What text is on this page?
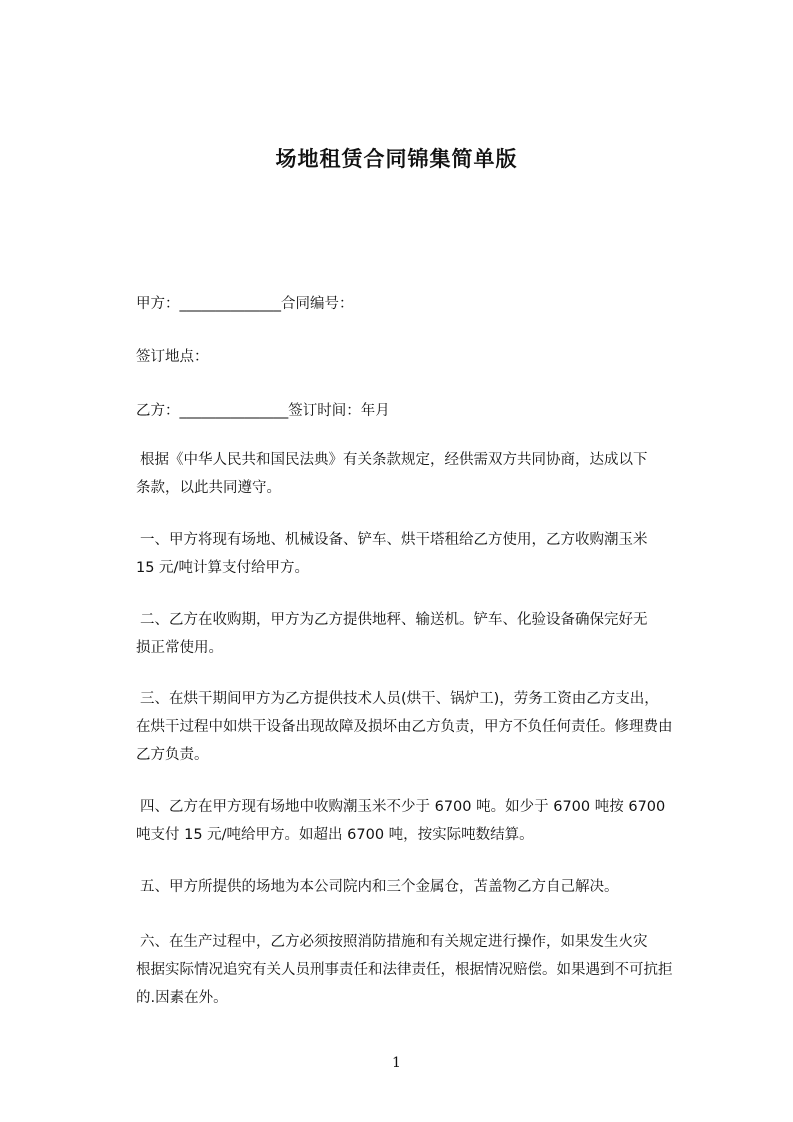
场地租赁合同锦集简单版
甲方：______________合同编号：
签订地点：
乙方：_______________签订时间：年月

根据《中华人民共和国民法典》有关条款规定，经供需双方共同协商，达成以下

条款，以此共同遵守。

一、甲方将现有场地、机械设备、铲车、烘干塔租给乙方使用，乙方收购潮玉米

15 元/吨计算支付给甲方。

二、乙方在收购期，甲方为乙方提供地秤、输送机。铲车、化验设备确保完好无

损正常使用。

三、在烘干期间甲方为乙方提供技术人员(烘干、锅炉工)，劳务工资由乙方支出，

在烘干过程中如烘干设备出现故障及损坏由乙方负责，甲方不负任何责任。修理费由

乙方负责。

四、乙方在甲方现有场地中收购潮玉米不少于 6700 吨。如少于 6700 吨按 6700

吨支付 15 元/吨给甲方。如超出 6700 吨，按实际吨数结算。

五、甲方所提供的场地为本公司院内和三个金属仓，苫盖物乙方自己解决。

六、在生产过程中，乙方必须按照消防措施和有关规定进行操作，如果发生火灾

根据实际情况追究有关人员刑事责任和法律责任，根据情况赔偿。如果遇到不可抗拒

的.因素在外。

1
